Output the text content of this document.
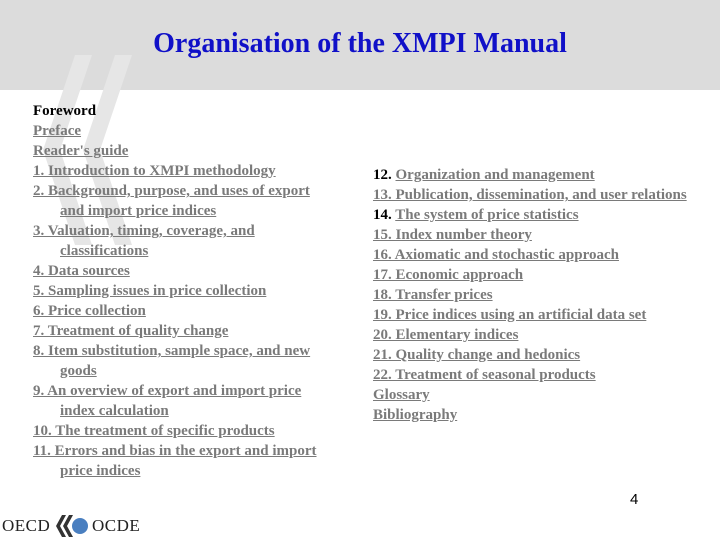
Organisation of the XMPI Manual
Foreword
Preface
Reader's guide
1. Introduction to XMPI methodology
2. Background, purpose, and uses of export and import price indices
3. Valuation, timing, coverage, and classifications
4. Data sources
5. Sampling issues in price collection
6. Price collection
7. Treatment of quality change
8. Item substitution, sample space, and new goods
9. An overview of export and import price index calculation
10. The treatment of specific products
11. Errors and bias in the export and import price indices
12. Organization and management
13. Publication, dissemination, and user relations
14. The system of price statistics
15. Index number theory
16. Axiomatic and stochastic approach
17. Economic approach
18. Transfer prices
19. Price indices using an artificial data set
20. Elementary indices
21. Quality change and hedonics
22. Treatment of seasonal products
Glossary
Bibliography
4
OECD OCDE
